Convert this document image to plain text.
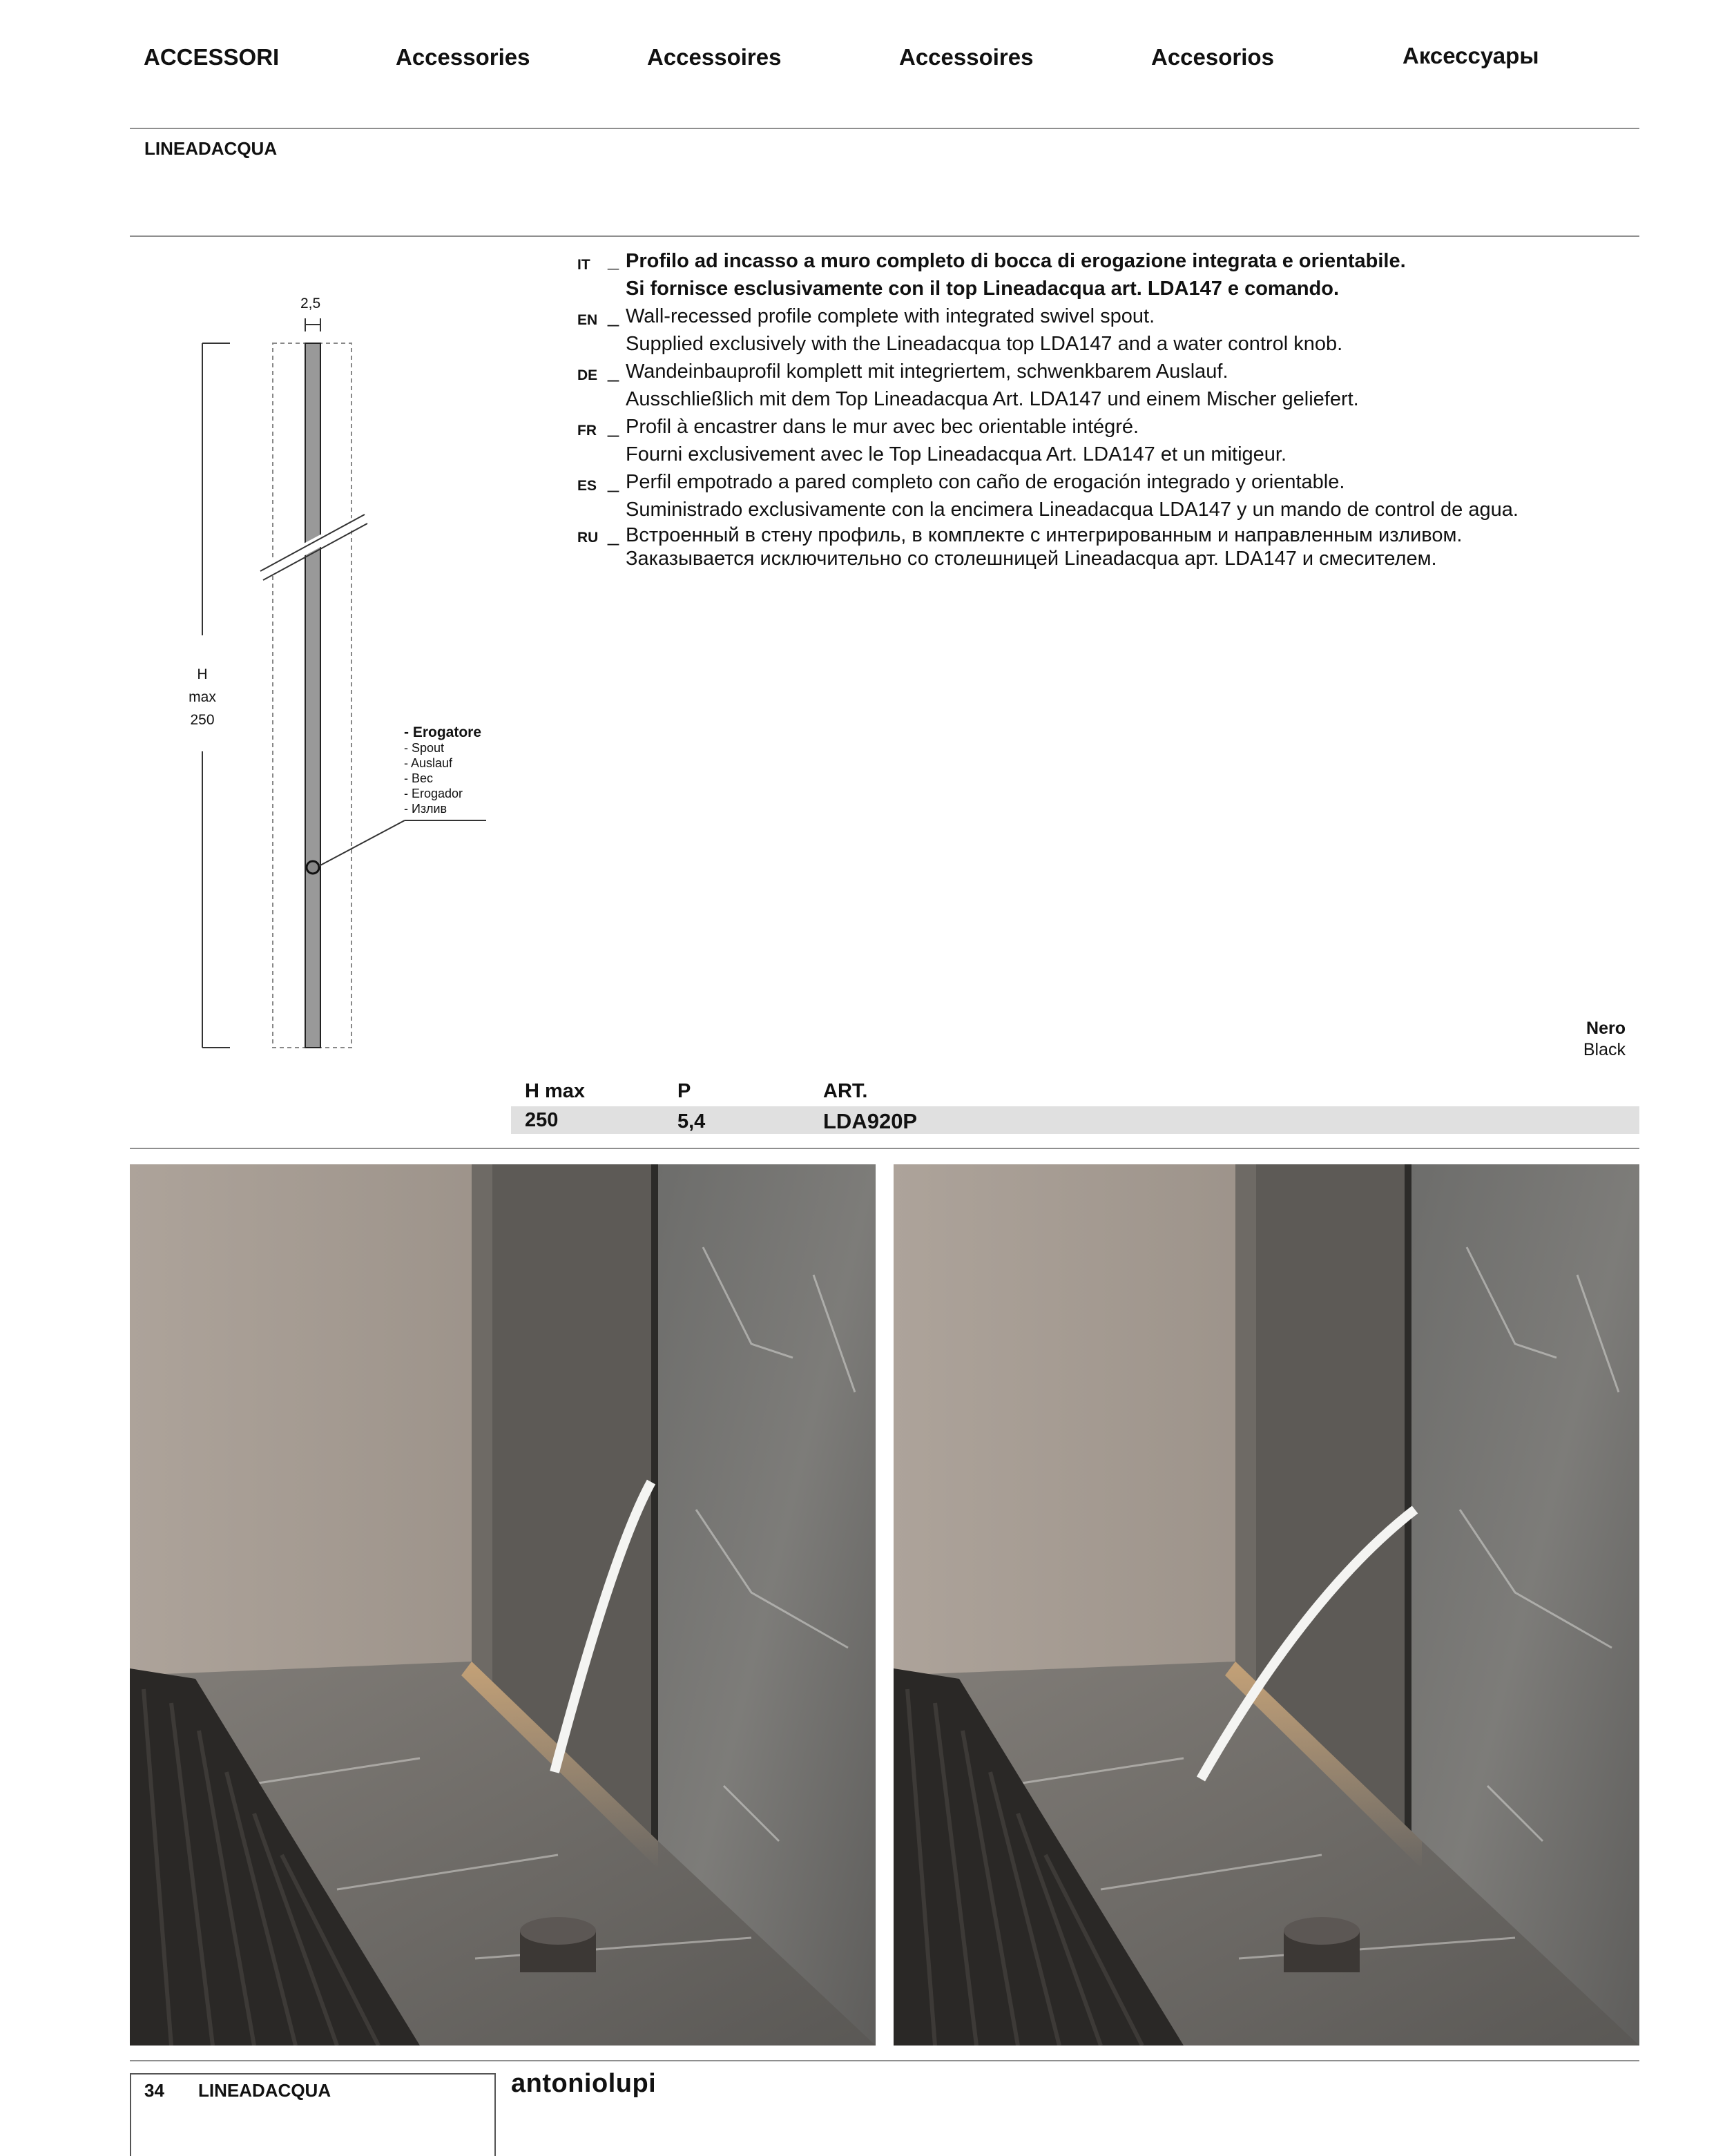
ACCESSORI	Accessories	Accessoires	Accessoires	Accesorios	Аксессуары
LINEADACQUA
2,5
H
max
250
- Erogatore
- Spout
- Auslauf
- Bec
- Erogador
- Излив
IT _ Profilo ad incasso a muro completo di bocca di erogazione integrata e orientabile.
Si fornisce esclusivamente con il top Lineadacqua art. LDA147 e comando.
EN _ Wall-recessed profile complete with integrated swivel spout.
Supplied exclusively with the Lineadacqua top LDA147 and a water control knob.
DE _ Wandeinbauprofil komplett mit integriertem, schwenkbarem Auslauf.
Ausschließlich mit dem Top Lineadacqua Art. LDA147 und einem Mischer geliefert.
FR _ Profil à encastrer dans le mur avec bec orientable intégré.
Fourni exclusivement avec le Top Lineadacqua Art. LDA147 et un mitigeur.
ES _ Perfil empotrado a pared completo con caño de erogación integrado y orientable.
Suministrado exclusivamente con la encimera Lineadacqua LDA147 y un mando de control de agua.
RU _ Встроенный в стену профиль, в комплекте с интегрированным и направленным изливом.
Заказывается исключительно со столешницей Lineadacqua арт. LDA147 и смесителем.
Nero
Black
H max	P	ART.
250	5,4	LDA920P
34 LINEADACQUA	antoniolupi
